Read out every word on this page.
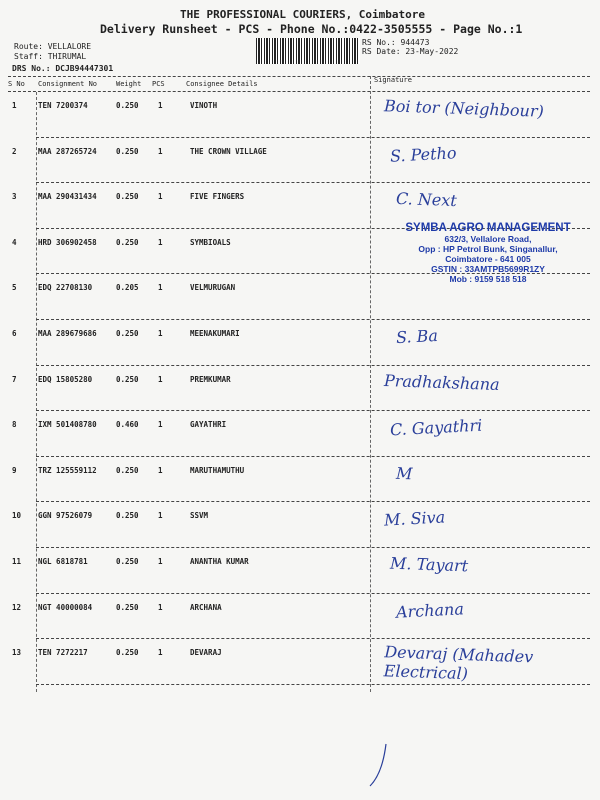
THE PROFESSIONAL COURIERS, Coimbatore
Delivery Runsheet - PCS - Phone No.:0422-3505555 - Page No.:1
Route: VELLALORE
Staff: THIRUMAL
DRS No.: DCJB94447301
RS No.: 944473
RS Date: 23-May-2022
S No Consignment No	Weight PCS	Consignee Details	Signature
1	TEN 7200374	0.250	1	VINOTH	Boi tor (Neighbour)
2	MAA 287265724	0.250	1	THE CROWN VILLAGE	S. Petho
3	MAA 290431434	0.250	1	FIVE FINGERS	C. Next
4	HRD 306902458	0.250	1	SYMBIOALS
5	EDQ 22708130	0.205	1	VELMURUGAN
6	MAA 289679686	0.250	1	MEENAKUMARI	S. Ba
7	EDQ 15805280	0.250	1	PREMKUMAR	Pradhakshana
8	IXM 501408780	0.460	1	GAYATHRI	C. Gayathri
9	TRZ 125559112	0.250	1	MARUTHAMUTHU	M
10 GGN 97526079	0.250	1	SSVM	M. Siva
11 NGL 6818781	0.250	1	ANANTHA KUMAR	M. Tayart
12 NGT 40000084	0.250	1	ARCHANA	Archana
13 TEN 7272217	0.250	1	DEVARAJ	Devaraj (Mahadev Electrical)
SYMBA AGRO MANAGEMENT
632/3, Vellalore Road,
Opp : HP Petrol Bunk, Singanallur,
Coimbatore - 641 005
GSTIN : 33AMTPB5699R1ZY
Mob : 9159 518 518
